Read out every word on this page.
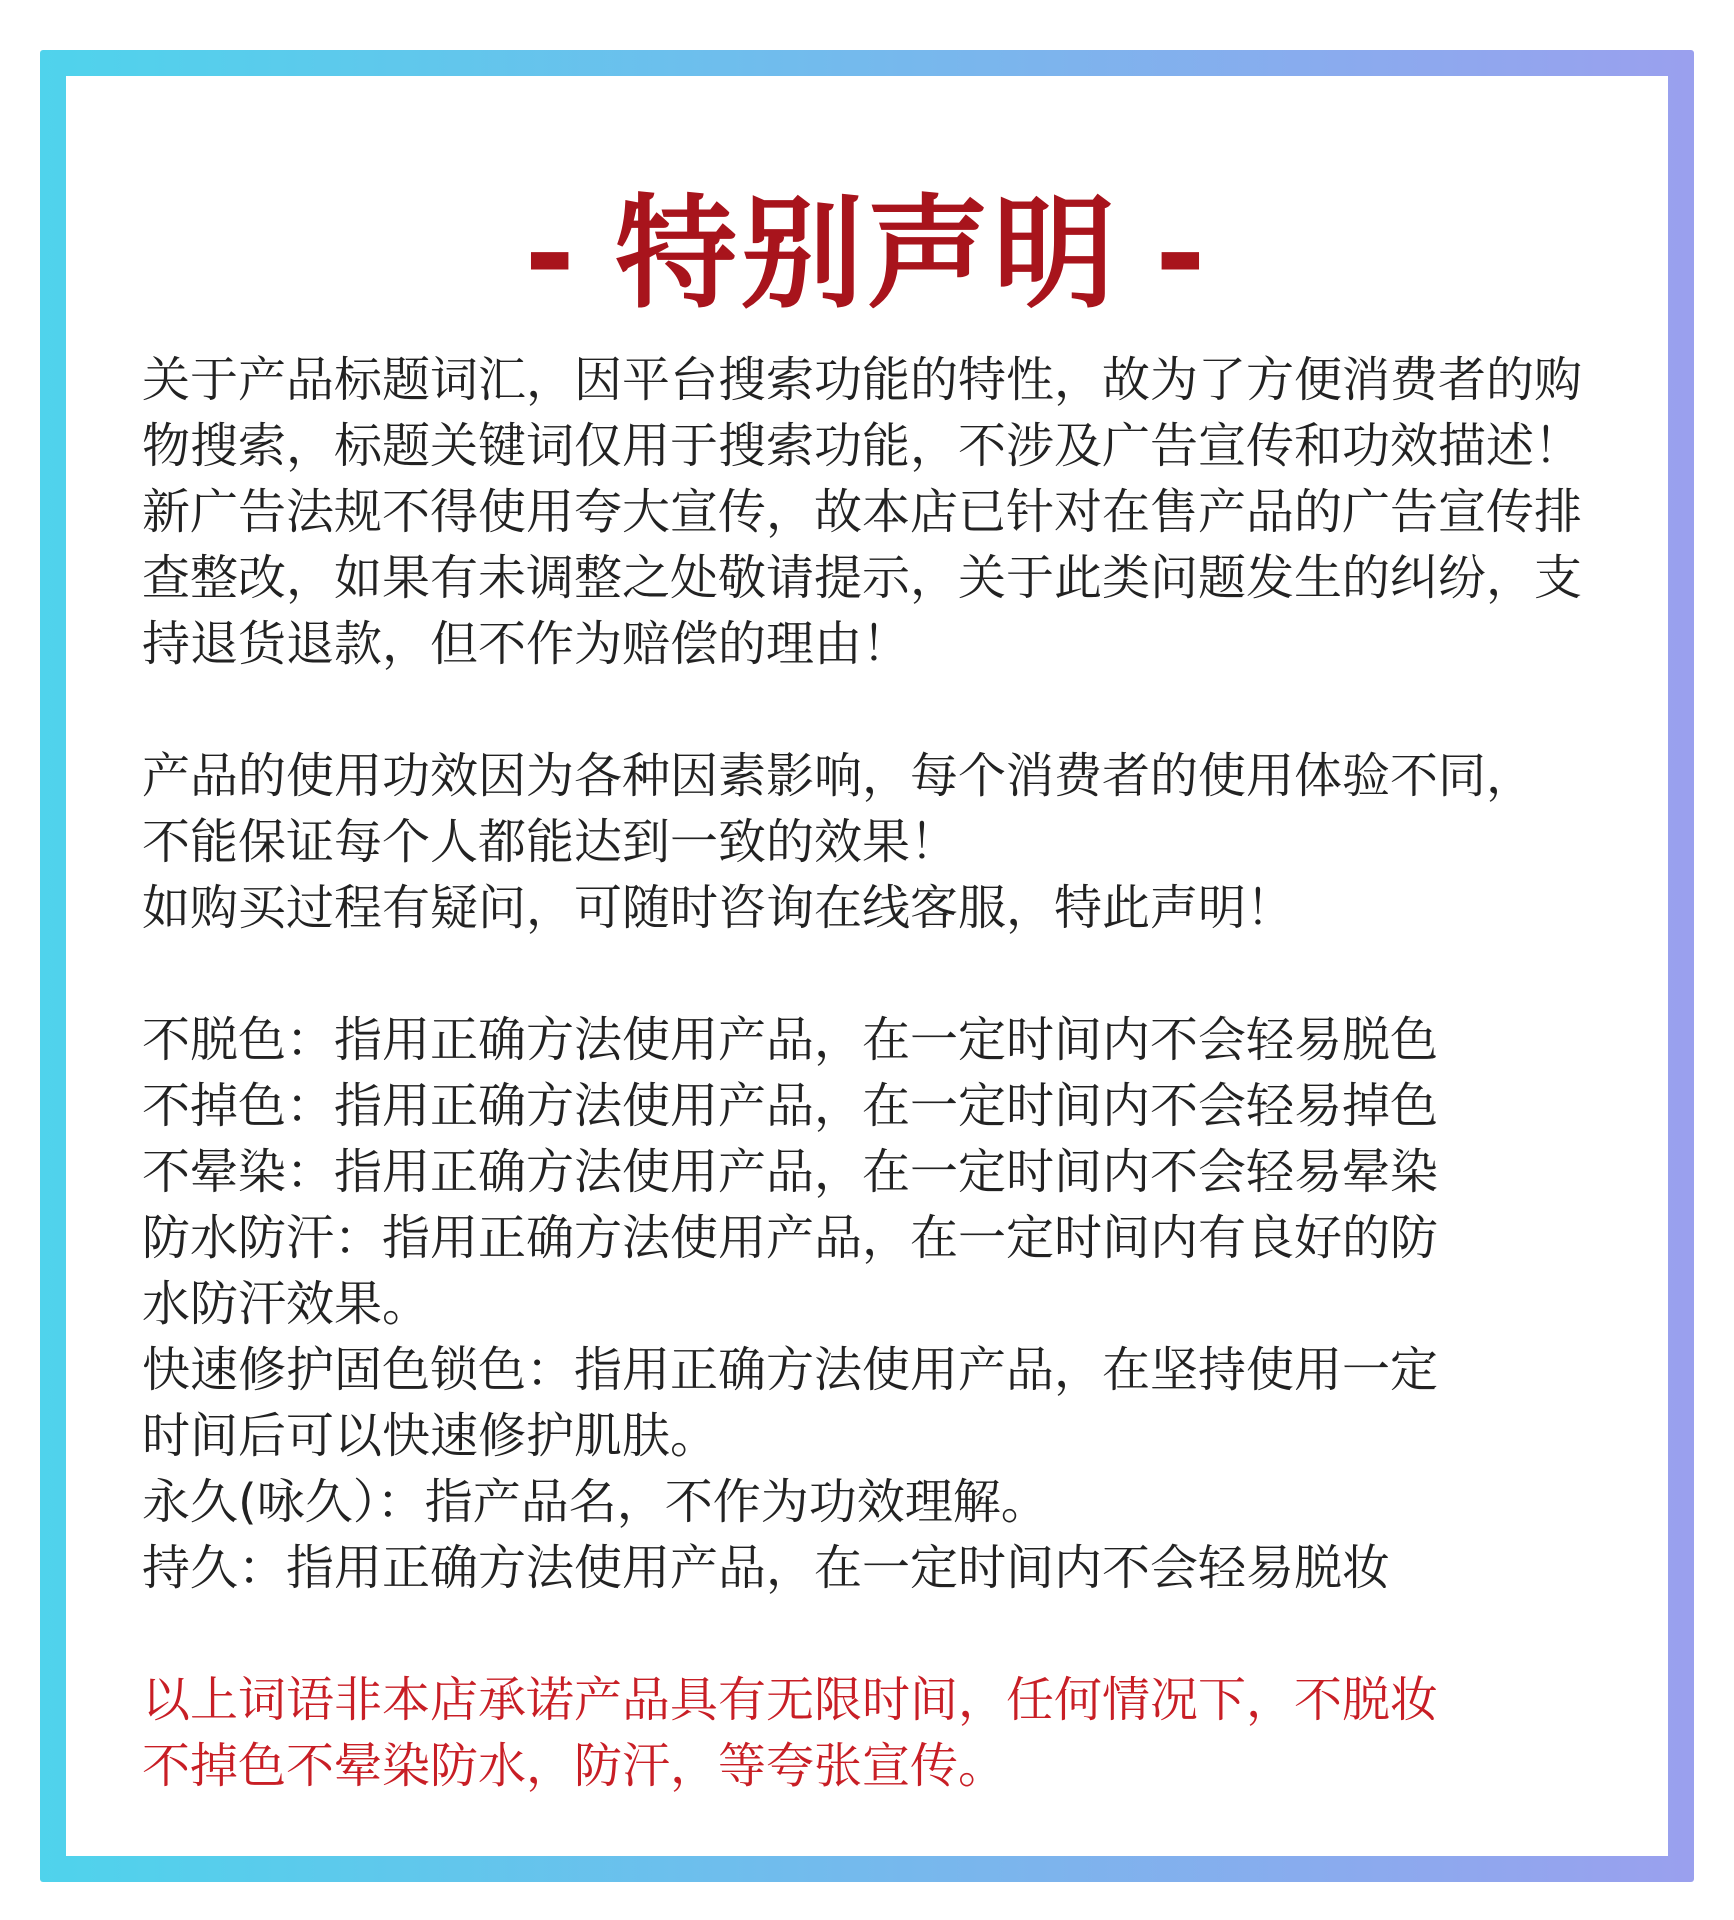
- 特别声明 -
关于产品标题词汇，因平台搜索功能的特性，故为了方便消费者的购
物搜索，标题关键词仅用于搜索功能，不涉及广告宣传和功效描述！
新广告法规不得使用夸大宣传，故本店已针对在售产品的广告宣传排
查整改，如果有未调整之处敬请提示，关于此类问题发生的纠纷，支
持退货退款，但不作为赔偿的理由！
产品的使用功效因为各种因素影响，每个消费者的使用体验不同，
不能保证每个人都能达到一致的效果！
如购买过程有疑问，可随时咨询在线客服，特此声明！
不脱色：指用正确方法使用产品，在一定时间内不会轻易脱色
不掉色：指用正确方法使用产品，在一定时间内不会轻易掉色
不晕染：指用正确方法使用产品，在一定时间内不会轻易晕染
防水防汗：指用正确方法使用产品，在一定时间内有良好的防
水防汗效果。
快速修护固色锁色：指用正确方法使用产品，在坚持使用一定
时间后可以快速修护肌肤。
永久(咏久）：指产品名，不作为功效理解。
持久：指用正确方法使用产品，在一定时间内不会轻易脱妆
以上词语非本店承诺产品具有无限时间，任何情况下，不脱妆
不掉色不晕染防水，防汗，等夸张宣传。
